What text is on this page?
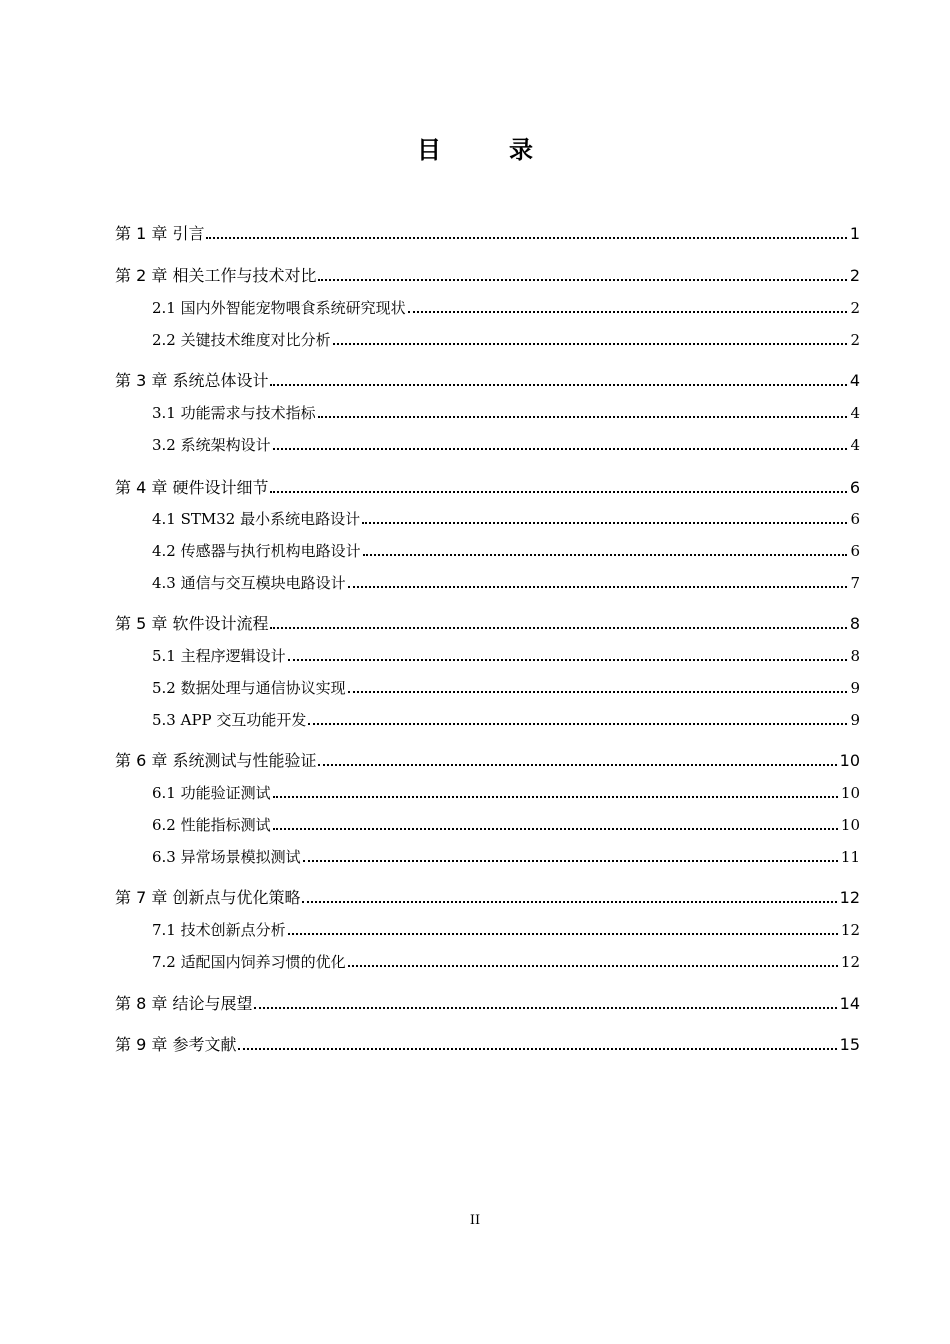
目　录
第 1 章 引言	1
第 2 章 相关工作与技术对比	2
2.1 国内外智能宠物喂食系统研究现状	2
2.2 关键技术维度对比分析	2
第 3 章 系统总体设计	4
3.1 功能需求与技术指标	4
3.2 系统架构设计	4
第 4 章 硬件设计细节	6
4.1 STM32 最小系统电路设计	6
4.2 传感器与执行机构电路设计	6
4.3 通信与交互模块电路设计	7
第 5 章 软件设计流程	8
5.1 主程序逻辑设计	8
5.2 数据处理与通信协议实现	9
5.3 APP 交互功能开发	9
第 6 章 系统测试与性能验证	10
6.1 功能验证测试	10
6.2 性能指标测试	10
6.3 异常场景模拟测试	11
第 7 章 创新点与优化策略	12
7.1 技术创新点分析	12
7.2 适配国内饲养习惯的优化	12
第 8 章 结论与展望	14
第 9 章 参考文献	15
II
